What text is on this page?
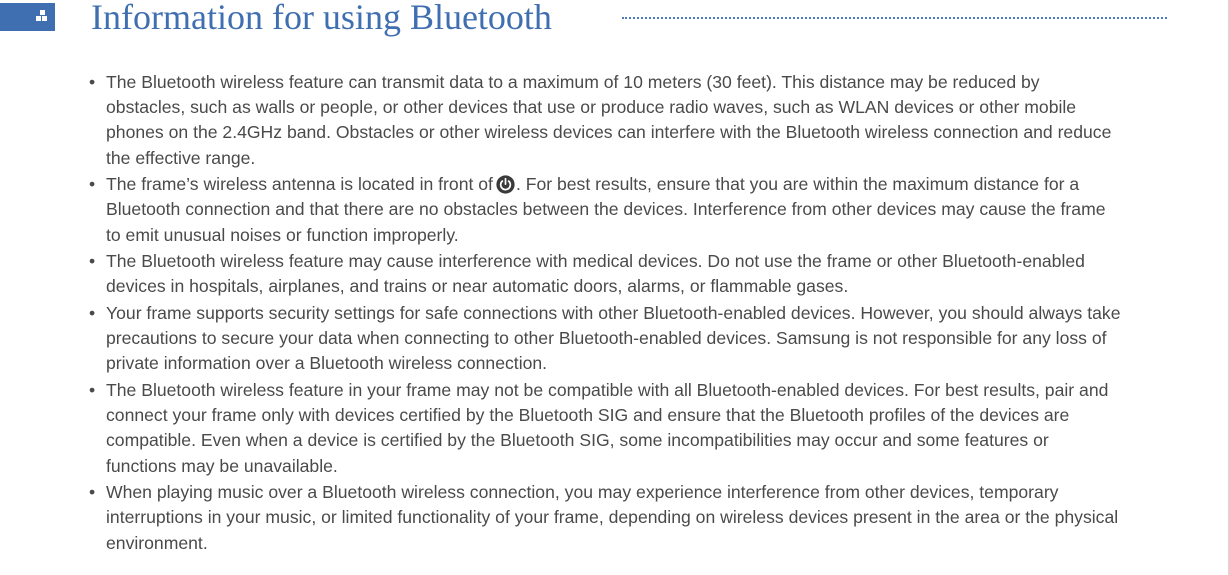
Information for using Bluetooth
• The Bluetooth wireless feature can transmit data to a maximum of 10 meters (30 feet). This distance may be reduced by obstacles, such as walls or people, or other devices that use or produce radio waves, such as WLAN devices or other mobile phones on the 2.4GHz band. Obstacles or other wireless devices can interfere with the Bluetooth wireless connection and reduce the effective range.
• The frame’s wireless antenna is located in front of . For best results, ensure that you are within the maximum distance for a Bluetooth connection and that there are no obstacles between the devices. Interference from other devices may cause the frame to emit unusual noises or function improperly.
• The Bluetooth wireless feature may cause interference with medical devices. Do not use the frame or other Bluetooth-enabled devices in hospitals, airplanes, and trains or near automatic doors, alarms, or flammable gases.
• Your frame supports security settings for safe connections with other Bluetooth-enabled devices. However, you should always take precautions to secure your data when connecting to other Bluetooth-enabled devices. Samsung is not responsible for any loss of private information over a Bluetooth wireless connection.
• The Bluetooth wireless feature in your frame may not be compatible with all Bluetooth-enabled devices. For best results, pair and connect your frame only with devices certified by the Bluetooth SIG and ensure that the Bluetooth profiles of the devices are compatible. Even when a device is certified by the Bluetooth SIG, some incompatibilities may occur and some features or functions may be unavailable.
• When playing music over a Bluetooth wireless connection, you may experience interference from other devices, temporary interruptions in your music, or limited functionality of your frame, depending on wireless devices present in the area or the physical environment.
